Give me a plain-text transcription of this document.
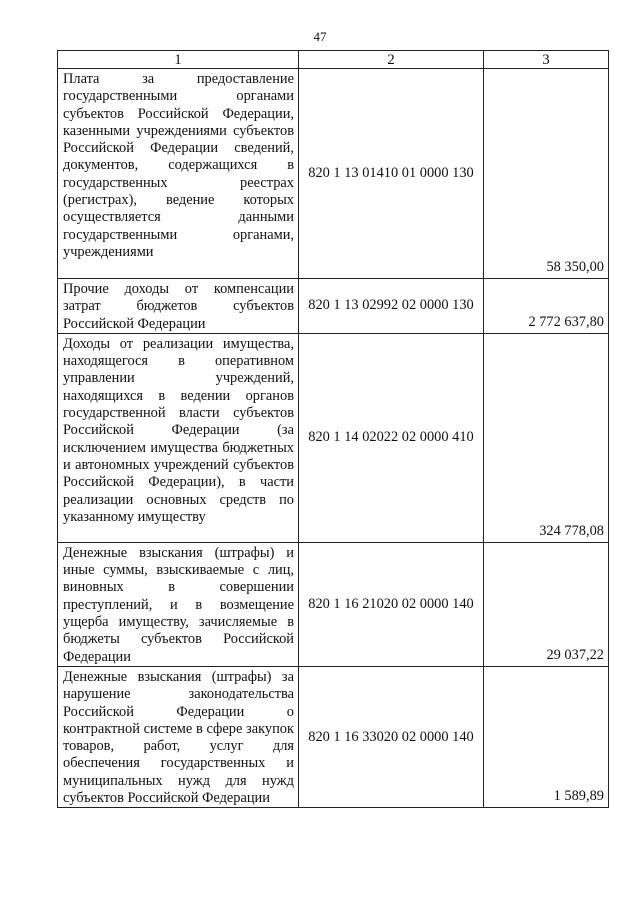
47
1	2	3
Плата за предоставление государственными органами субъектов Российской Федерации, казенными учреждениями субъектов Российской Федерации сведений, документов, содержащихся в государственных реестрах (регистрах), ведение которых осуществляется данными государственными органами, учреждениями	820 1 13 01410 01 0000 130	58 350,00
Прочие доходы от компенсации затрат бюджетов субъектов Российской Федерации	820 1 13 02992 02 0000 130	2 772 637,80
Доходы от реализации имущества, находящегося в оперативном управлении учреждений, находящихся в ведении органов государственной власти субъектов Российской Федерации (за исключением имущества бюджетных и автономных учреждений субъектов Российской Федерации), в части реализации основных средств по указанному имуществу	820 1 14 02022 02 0000 410	324 778,08
Денежные взыскания (штрафы) и иные суммы, взыскиваемые с лиц, виновных в совершении преступлений, и в возмещение ущерба имуществу, зачисляемые в бюджеты субъектов Российской Федерации	820 1 16 21020 02 0000 140	29 037,22
Денежные взыскания (штрафы) за нарушение законодательства Российской Федерации о контрактной системе в сфере закупок товаров, работ, услуг для обеспечения государственных и муниципальных нужд для нужд субъектов Российской Федерации	820 1 16 33020 02 0000 140	1 589,89
